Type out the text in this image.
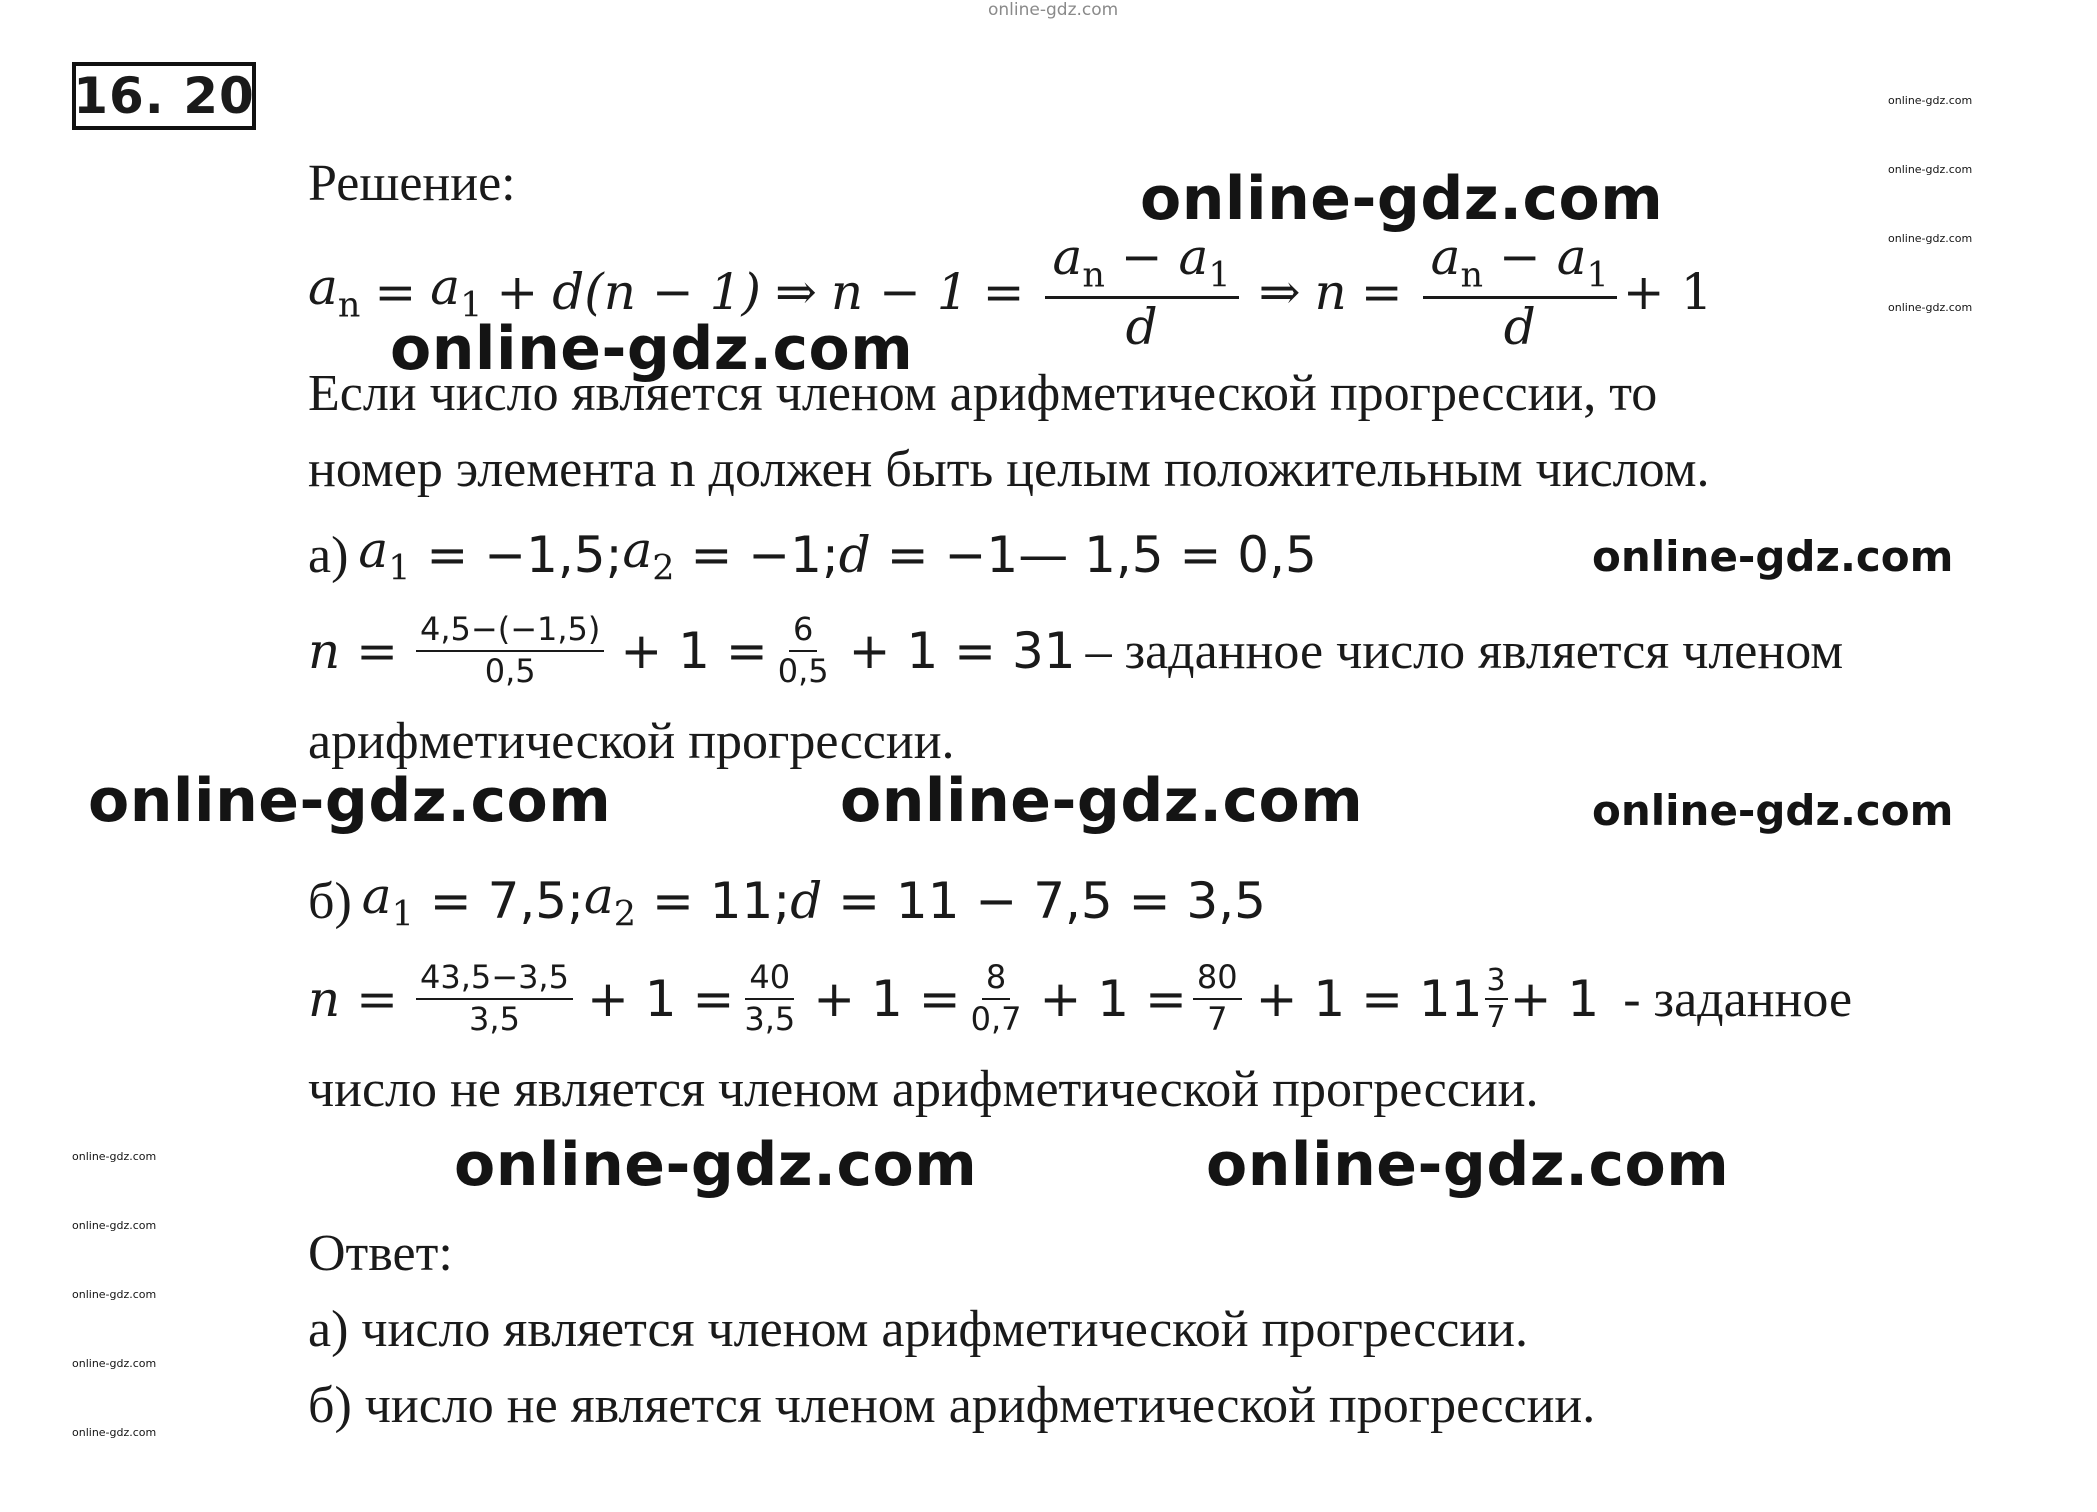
online-gdz.com
online-gdz.com
online-gdz.com
online-gdz.com
online-gdz.com
online-gdz.com
online-gdz.com
online-gdz.com
online-gdz.com
online-gdz.com
online-gdz.com
online-gdz.com
online-gdz.com
online-gdz.com	online-gdz.com	online-gdz.com
online-gdz.com	online-gdz.com
16. 20
Решение:
$a_n = a_1 + d(n - 1)$ ⇒ $n - 1 = \frac{a_n - a_1}{d}$ ⇒ $n = \frac{a_n - a_1}{d} + 1$
Если число является членом арифметической прогрессии, то
номер элемента n должен быть целым положительным числом.
а) $a_1$
= −1,5; $a_2$
= −1; d
= −1— 1,5 = 0,5
$n = \frac{4,5-(-1,5)}{0,5} + 1 = \frac{6}{0,5} + 1 = 31$ – заданное число является членом
арифметической прогрессии.
б) $a_1$
= 7,5; $a_2$
= 11; d
= 11 − 7,5 = 3,5
$n = \frac{43,5-3,5}{3,5} + 1 = \frac{40}{3,5} + 1 = \frac{8}{0,7} + 1 = \frac{80}{7} + 1 = 11 \frac{3}{7} + 1$ - заданное
число не является членом арифметической прогрессии.
Ответ:
а) число является членом арифметической прогрессии.
б) число не является членом арифметической прогрессии.
